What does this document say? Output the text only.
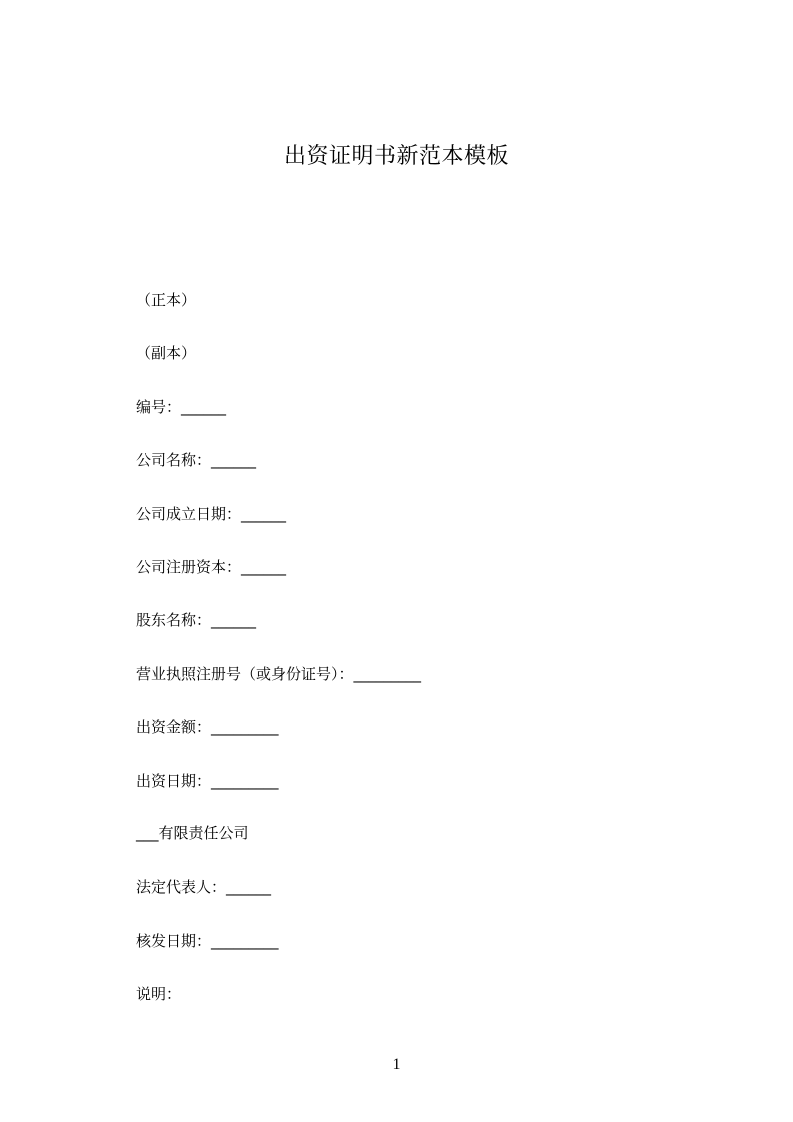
出资证明书新范本模板

（正本）

（副本）

编号：______

公司名称：______

公司成立日期：______

公司注册资本：______

股东名称：______

营业执照注册号（或身份证号）：_________

出资金额：_________

出资日期：_________

___有限责任公司

法定代表人：______

核发日期：_________

说明：

1
